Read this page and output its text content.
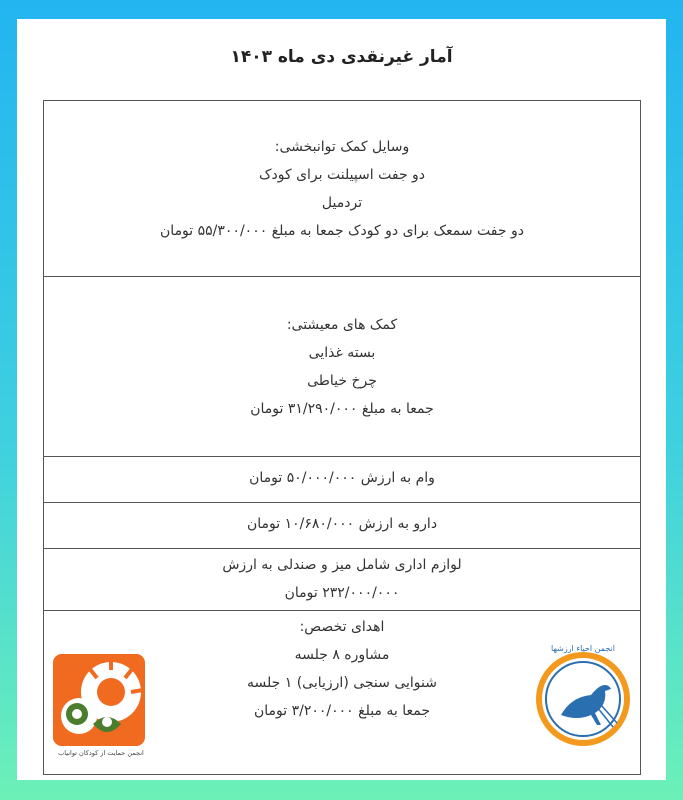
آمار غیرنقدی دی ماه ۱۴۰۳
وسایل کمک توانبخشی:
دو جفت اسپیلنت برای کودک
تردمیل
دو جفت سمعک برای دو کودک جمعا به مبلغ ۵۵/۳۰۰/۰۰۰ تومان
کمک های معیشتی:
بسته غذایی
چرخ خیاطی
جمعا به مبلغ ۳۱/۲۹۰/۰۰۰ تومان
وام به ارزش ۵۰/۰۰۰/۰۰۰ تومان
دارو به ارزش ۱۰/۶۸۰/۰۰۰ تومان
لوازم اداری شامل میز و صندلی به ارزش
۲۳۲/۰۰۰/۰۰۰ تومان
اهدای تخصص:
مشاوره ۸ جلسه
شنوایی سنجی (ارزیابی) ۱ جلسه
جمعا به مبلغ ۳/۲۰۰/۰۰۰ تومان
انجمن حمایت از کودکان توانیاب
انجمن احیاء ارزشها
